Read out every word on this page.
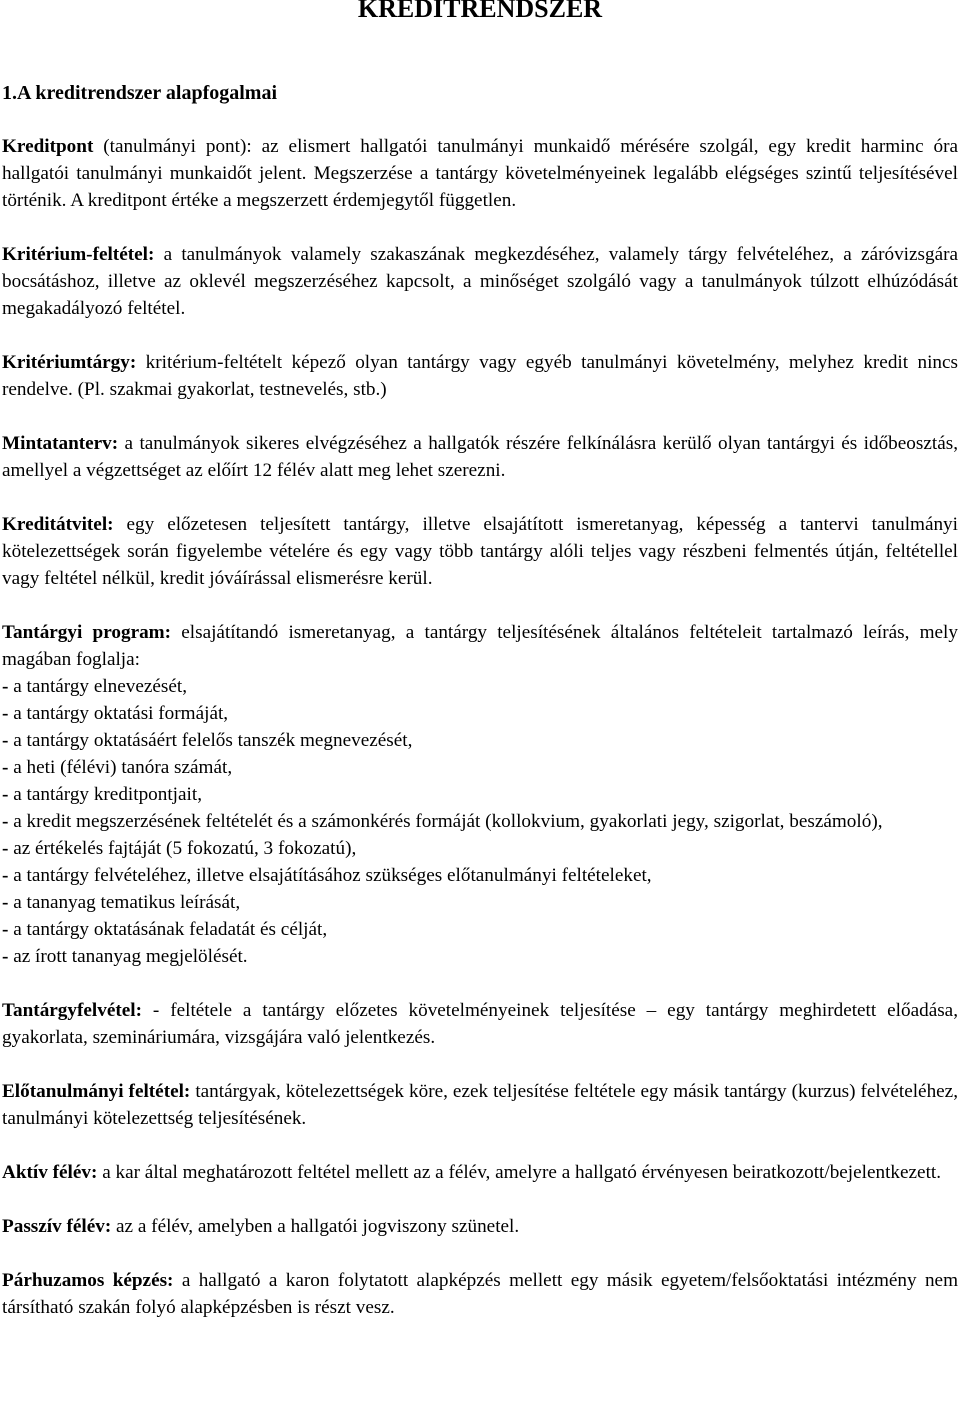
KREDITRENDSZER
1.A kreditrendszer alapfogalmai

Kreditpont (tanulmányi pont): az elismert hallgatói tanulmányi munkaidő mérésére szolgál, egy kredit harminc óra hallgatói tanulmányi munkaidőt jelent. Megszerzése a tantárgy követelményeinek legalább elégséges szintű teljesítésével történik. A kreditpont értéke a megszerzett érdemjegytől független.

Kritérium-feltétel: a tanulmányok valamely szakaszának megkezdéséhez, valamely tárgy felvételéhez, a záróvizsgára bocsátáshoz, illetve az oklevél megszerzéséhez kapcsolt, a minőséget szolgáló vagy a tanulmányok túlzott elhúzódását megakadályozó feltétel.

Kritériumtárgy: kritérium-feltételt képező olyan tantárgy vagy egyéb tanulmányi követelmény, melyhez kredit nincs rendelve. (Pl. szakmai gyakorlat, testnevelés, stb.)

Mintatanterv: a tanulmányok sikeres elvégzéséhez a hallgatók részére felkínálásra kerülő olyan tantárgyi és időbeosztás, amellyel a végzettséget az előírt 12 félév alatt meg lehet szerezni.

Kreditátvitel: egy előzetesen teljesített tantárgy, illetve elsajátított ismeretanyag, képesség a tantervi tanulmányi kötelezettségek során figyelembe vételére és egy vagy több tantárgy alóli teljes vagy részbeni felmentés útján, feltétellel vagy feltétel nélkül, kredit jóváírással elismerésre kerül.

Tantárgyi program: elsajátítandó ismeretanyag, a tantárgy teljesítésének általános feltételeit tartalmazó leírás, mely magában foglalja:

- a tantárgy elnevezését,
- a tantárgy oktatási formáját,
- a tantárgy oktatásáért felelős tanszék megnevezését,
- a heti (félévi) tanóra számát,
- a tantárgy kreditpontjait,
- a kredit megszerzésének feltételét és a számonkérés formáját (kollokvium, gyakorlati jegy, szigorlat, beszámoló),
- az értékelés fajtáját (5 fokozatú, 3 fokozatú),
- a tantárgy felvételéhez, illetve elsajátításához szükséges előtanulmányi feltételeket,
- a tananyag tematikus leírását,
- a tantárgy oktatásának feladatát és célját,
- az írott tananyag megjelölését.

Tantárgyfelvétel: - feltétele a tantárgy előzetes követelményeinek teljesítése – egy tantárgy meghirdetett előadása, gyakorlata, szemináriumára, vizsgájára való jelentkezés.

Előtanulmányi feltétel: tantárgyak, kötelezettségek köre, ezek teljesítése feltétele egy másik tantárgy (kurzus) felvételéhez, tanulmányi kötelezettség teljesítésének.

Aktív félév: a kar által meghatározott feltétel mellett az a félév, amelyre a hallgató érvényesen beiratkozott/bejelentkezett.

Passzív félév: az a félév, amelyben a hallgatói jogviszony szünetel.

Párhuzamos képzés: a hallgató a karon folytatott alapképzés mellett egy másik egyetem/felsőoktatási intézmény nem társítható szakán folyó alapképzésben is részt vesz.
